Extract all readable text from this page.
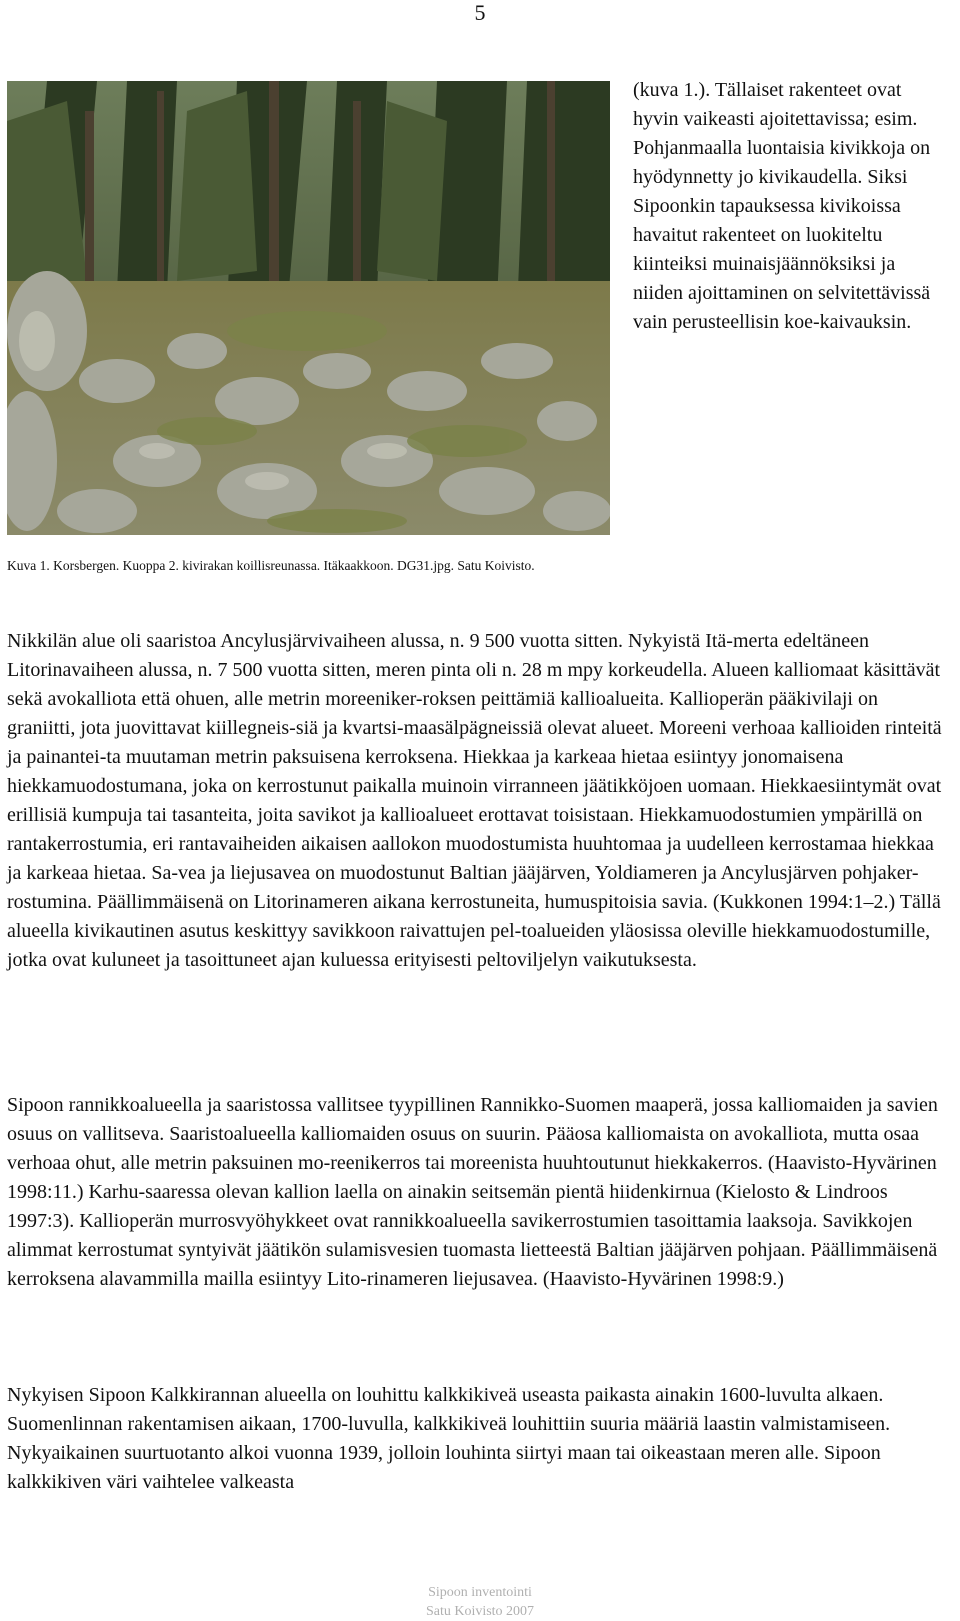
5

(kuva 1.). Tällaiset rakenteet ovat hyvin vaikeasti ajoitettavissa; esim. Pohjanmaalla luontaisia kivikkoja on hyödynnetty jo kivikaudella. Siksi Sipoonkin tapauksessa kivikoissa havaitut rakenteet on luokiteltu kiinteiksi muinaisjäännöksiksi ja niiden ajoittaminen on selvitettävissä vain perusteellisin koe-kaivauksin.

Kuva 1. Korsbergen. Kuoppa 2. kivirakan koillisreunassa. Itäkaakkoon. DG31.jpg. Satu Koivisto.

Nikkilän alue oli saaristoa Ancylusjärvivaiheen alussa, n. 9 500 vuotta sitten. Nykyistä Itä-merta edeltäneen Litorinavaiheen alussa, n. 7 500 vuotta sitten, meren pinta oli n. 28 m mpy korkeudella. Alueen kalliomaat käsittävät sekä avokalliota että ohuen, alle metrin moreeniker-roksen peittämiä kallioalueita. Kallioperän pääkivilaji on graniitti, jota juovittavat kiillegneis-siä ja kvartsi-maasälpägneissiä olevat alueet. Moreeni verhoaa kallioiden rinteitä ja painantei-ta muutaman metrin paksuisena kerroksena. Hiekkaa ja karkeaa hietaa esiintyy jonomaisena hiekkamuodostumana, joka on kerrostunut paikalla muinoin virranneen jäätikköjoen uomaan. Hiekkaesiintymät ovat erillisiä kumpuja tai tasanteita, joita savikot ja kallioalueet erottavat toisistaan. Hiekkamuodostumien ympärillä on rantakerrostumia, eri rantavaiheiden aikaisen aallokon muodostumista huuhtomaa ja uudelleen kerrostamaa hiekkaa ja karkeaa hietaa. Sa-vea ja liejusavea on muodostunut Baltian jääjärven, Yoldiameren ja Ancylusjärven pohjaker-rostumina. Päällimmäisenä on Litorinameren aikana kerrostuneita, humuspitoisia savia. (Kukkonen 1994:1–2.) Tällä alueella kivikautinen asutus keskittyy savikkoon raivattujen pel-toalueiden yläosissa oleville hiekkamuodostumille, jotka ovat kuluneet ja tasoittuneet ajan kuluessa erityisesti peltoviljelyn vaikutuksesta.

Sipoon rannikkoalueella ja saaristossa vallitsee tyypillinen Rannikko-Suomen maaperä, jossa kalliomaiden ja savien osuus on vallitseva. Saaristoalueella kalliomaiden osuus on suurin. Pääosa kalliomaista on avokalliota, mutta osaa verhoaa ohut, alle metrin paksuinen mo-reenikerros tai moreenista huuhtoutunut hiekkakerros. (Haavisto-Hyvärinen 1998:11.) Karhu-saaressa olevan kallion laella on ainakin seitsemän pientä hiidenkirnua (Kielosto & Lindroos 1997:3). Kallioperän murrosvyöhykkeet ovat rannikkoalueella savikerrostumien tasoittamia laaksoja. Savikkojen alimmat kerrostumat syntyivät jäätikön sulamisvesien tuomasta lietteestä Baltian jääjärven pohjaan. Päällimmäisenä kerroksena alavammilla mailla esiintyy Lito-rinameren liejusavea. (Haavisto-Hyvärinen 1998:9.)

Nykyisen Sipoon Kalkkirannan alueella on louhittu kalkkikiveä useasta paikasta ainakin 1600-luvulta alkaen. Suomenlinnan rakentamisen aikaan, 1700-luvulla, kalkkikiveä louhittiin suuria määriä laastin valmistamiseen. Nykyaikainen suurtuotanto alkoi vuonna 1939, jolloin louhinta siirtyi maan tai oikeastaan meren alle. Sipoon kalkkikiven väri vaihtelee valkeasta

Sipoon inventointi
Satu Koivisto 2007
